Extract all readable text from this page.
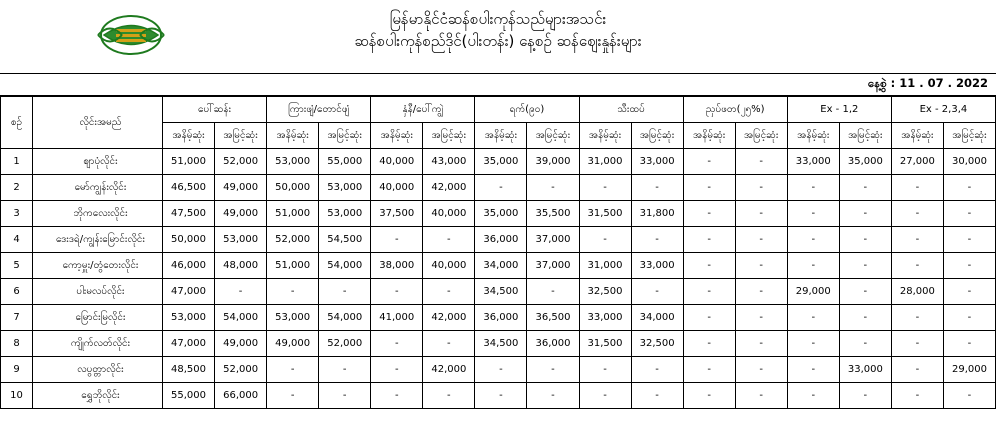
မြန်မာနိုင်ငံဆန်စပါးကုန်သည်များအသင်း
ဆန်စပါးကုန်စည်ဒိုင်(ပါးတန်း) နေ့စဉ် ဆန်ဈေးနှုန်းများ
နေ့စွဲ : 11 . 07 . 2022
စဉ်	လိုင်းအမည်	ပေါ်ဆန်း		ကြားဖျံ/တောင်ဖျံ		နှံနီ/ပေါ်ကျွဲ		ရက်(၉၀)		သီးထပ်		ညှပ်ဖတ(၂၅%)		Ex - 1,2		Ex - 2,3,4	
		အနိမ့်ဆုံး	အမြင့်ဆုံး	အနိမ့်ဆုံး	အမြင့်ဆုံး	အနိမ့်ဆုံး	အမြင့်ဆုံး	အနိမ့်ဆုံး	အမြင့်ဆုံး	အနိမ့်ဆုံး	အမြင့်ဆုံး	အနိမ့်ဆုံး	အမြင့်ဆုံး	အနိမ့်ဆုံး	အမြင့်ဆုံး	အနိမ့်ဆုံး	အမြင့်ဆုံး
1	ဈာပုံလိုင်း	51,000	52,000	53,000	55,000	40,000	43,000	35,000	39,000	31,000	33,000	-	-	33,000	35,000	27,000	30,000
2	မော်ကျွန်းလိုင်း	46,500	49,000	50,000	53,000	40,000	42,000	-	-	-	-	-	-	-	-	-	-
3	ဘိုကလေးလိုင်း	47,500	49,000	51,000	53,000	37,500	40,000	35,000	35,500	31,500	31,800	-	-	-	-	-	-
4	ဒေးဒရဲ/ကျွန်းမြောင်းလိုင်း	50,000	53,000	52,000	54,500	-	-	36,000	37,000	-	-	-	-	-	-	-	-
5	ကော့မှူး/တွံတေးလိုင်း	46,000	48,000	51,000	54,000	38,000	40,000	34,000	37,000	31,000	33,000	-	-	-	-	-	-
6	ပါးမလပ်လိုင်း	47,000	-	-	-	-	-	34,500	-	32,500	-	-	-	29,000	-	28,000	-
7	မြောင်းမြလိုင်း	53,000	54,000	53,000	54,000	41,000	42,000	36,000	36,500	33,000	34,000	-	-	-	-	-	-
8	ကျိုက်လတ်လိုင်း	47,000	49,000	49,000	52,000	-	-	34,500	36,000	31,500	32,500	-	-	-	-	-	-
9	လပွတ္တာလိုင်း	48,500	52,000	-	-	-	42,000	-	-	-	-	-	-	-	33,000	-	29,000
10	ရွှေဘိုလိုင်း	55,000	66,000	-	-	-	-	-	-	-	-	-	-	-	-	-	-
